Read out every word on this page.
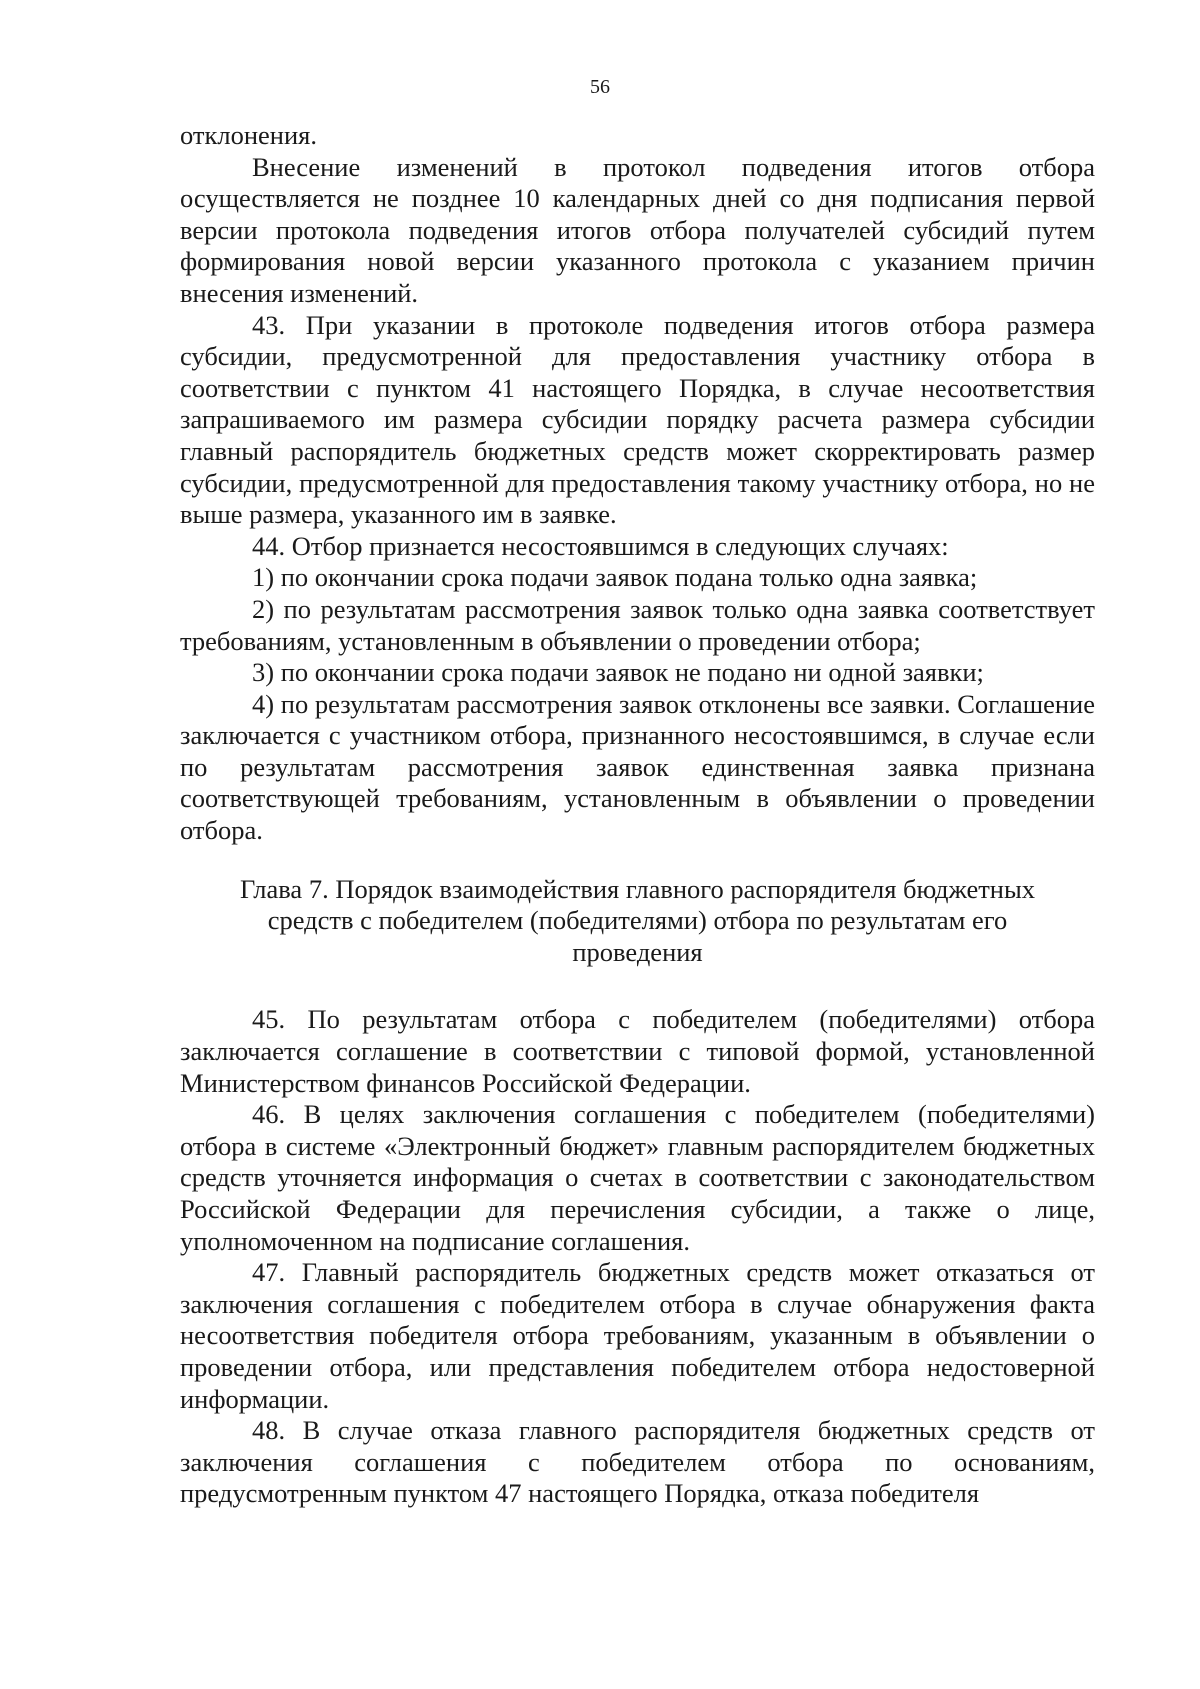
56

отклонения.

Внесение изменений в протокол подведения итогов отбора осуществляется не позднее 10 календарных дней со дня подписания первой версии протокола подведения итогов отбора получателей субсидий путем формирования новой версии указанного протокола с указанием причин внесения изменений.

43. При указании в протоколе подведения итогов отбора размера субсидии, предусмотренной для предоставления участнику отбора в соответствии с пунктом 41 настоящего Порядка, в случае несоответствия запрашиваемого им размера субсидии порядку расчета размера субсидии главный распорядитель бюджетных средств может скорректировать размер субсидии, предусмотренной для предоставления такому участнику отбора, но не выше размера, указанного им в заявке.

44. Отбор признается несостоявшимся в следующих случаях:

1) по окончании срока подачи заявок подана только одна заявка;

2) по результатам рассмотрения заявок только одна заявка соответствует требованиям, установленным в объявлении о проведении отбора;

3) по окончании срока подачи заявок не подано ни одной заявки;

4) по результатам рассмотрения заявок отклонены все заявки. Соглашение заключается с участником отбора, признанного несостоявшимся, в случае если по результатам рассмотрения заявок единственная заявка признана соответствующей требованиям, установленным в объявлении о проведении отбора.

Глава 7. Порядок взаимодействия главного распорядителя бюджетных средств с победителем (победителями) отбора по результатам его проведения

45. По результатам отбора с победителем (победителями) отбора заключается соглашение в соответствии с типовой формой, установленной Министерством финансов Российской Федерации.

46. В целях заключения соглашения с победителем (победителями) отбора в системе «Электронный бюджет» главным распорядителем бюджетных средств уточняется информация о счетах в соответствии с законодательством Российской Федерации для перечисления субсидии, а также о лице, уполномоченном на подписание соглашения.

47. Главный распорядитель бюджетных средств может отказаться от заключения соглашения с победителем отбора в случае обнаружения факта несоответствия победителя отбора требованиям, указанным в объявлении о проведении отбора, или представления победителем отбора недостоверной информации.

48. В случае отказа главного распорядителя бюджетных средств от заключения соглашения с победителем отбора по основаниям, предусмотренным пунктом 47 настоящего Порядка, отказа победителя
